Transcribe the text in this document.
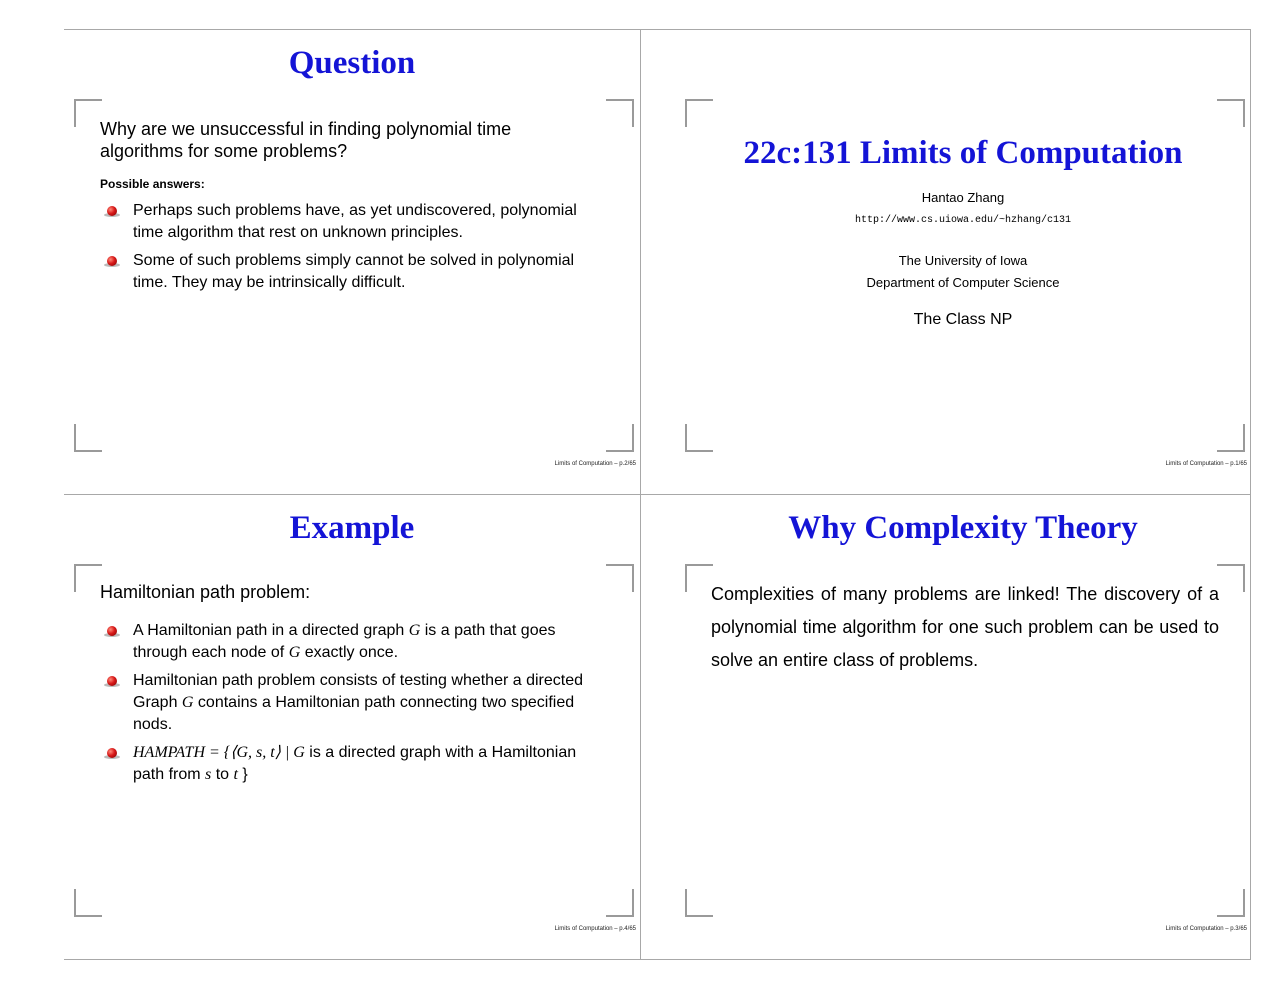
Question

Why are we unsuccessful in finding polynomial time algorithms for some problems?

Possible answers:

Perhaps such problems have, as yet undiscovered, polynomial time algorithm that rest on unknown principles.
Some of such problems simply cannot be solved in polynomial time. They may be intrinsically difficult.
Limits of Computation – p.2/65
22c:131 Limits of Computation

Hantao Zhang

http://www.cs.uiowa.edu/~hzhang/c131

The University of Iowa

Department of Computer Science

The Class NP

Limits of Computation – p.1/65
Example

Hamiltonian path problem:

A Hamiltonian path in a directed graph G is a path that goes through each node of G exactly once.
Hamiltonian path problem consists of testing whether a directed Graph G contains a Hamiltonian path connecting two specified nods.
HAMPATH = {⟨G, s, t⟩ | G is a directed graph with a Hamiltonian path from s to t }
Limits of Computation – p.4/65
Why Complexity Theory

Complexities of many problems are linked! The discovery of a polynomial time algorithm for one such problem can be used to solve an entire class of problems.

Limits of Computation – p.3/65
